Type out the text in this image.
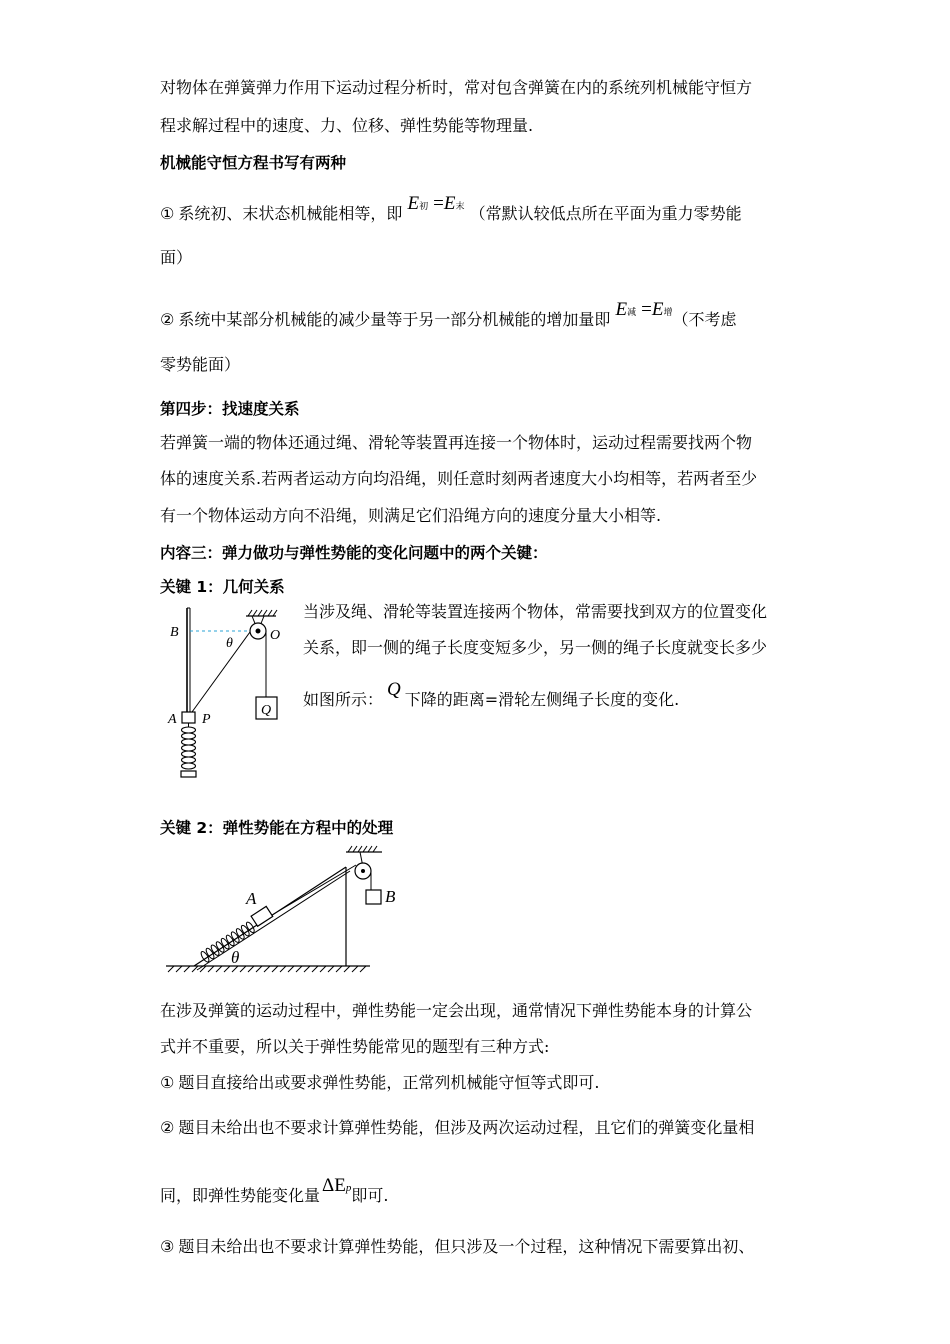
对物体在弹簧弹力作用下运动过程分析时，常对包含弹簧在内的系统列机械能守恒方
程求解过程中的速度、力、位移、弹性势能等物理量.
机械能守恒方程书写有两种
① 系统初、末状态机械能相等，即 E初 =E末 （常默认较低点所在平面为重力零势能
面）
② 系统中某部分机械能的减少量等于另一部分机械能的增加量即 E减 =E增（不考虑
零势能面）
第四步：找速度关系
若弹簧一端的物体还通过绳、滑轮等装置再连接一个物体时，运动过程需要找两个物
体的速度关系.若两者运动方向均沿绳，则任意时刻两者速度大小均相等，若两者至少
有一个物体运动方向不沿绳，则满足它们沿绳方向的速度分量大小相等.
内容三：弹力做功与弹性势能的变化问题中的两个关键：
关键 1：几何关系
当涉及绳、滑轮等装置连接两个物体，常需要找到双方的位置变化
关系，即一侧的绳子长度变短多少，另一侧的绳子长度就变长多少
如图所示： Q 下降的距离=滑轮左侧绳子长度的变化.
B
θ
O
A P
Q
关键 2：弹性势能在方程中的处理
A	B
θ
在涉及弹簧的运动过程中，弹性势能一定会出现，通常情况下弹性势能本身的计算公
式并不重要，所以关于弹性势能常见的题型有三种方式:
① 题目直接给出或要求弹性势能，正常列机械能守恒等式即可.
② 题目未给出也不要求计算弹性势能，但涉及两次运动过程，且它们的弹簧变化量相
同，即弹性势能变化量 ΔEp即可.
③ 题目未给出也不要求计算弹性势能，但只涉及一个过程，这种情况下需要算出初、
